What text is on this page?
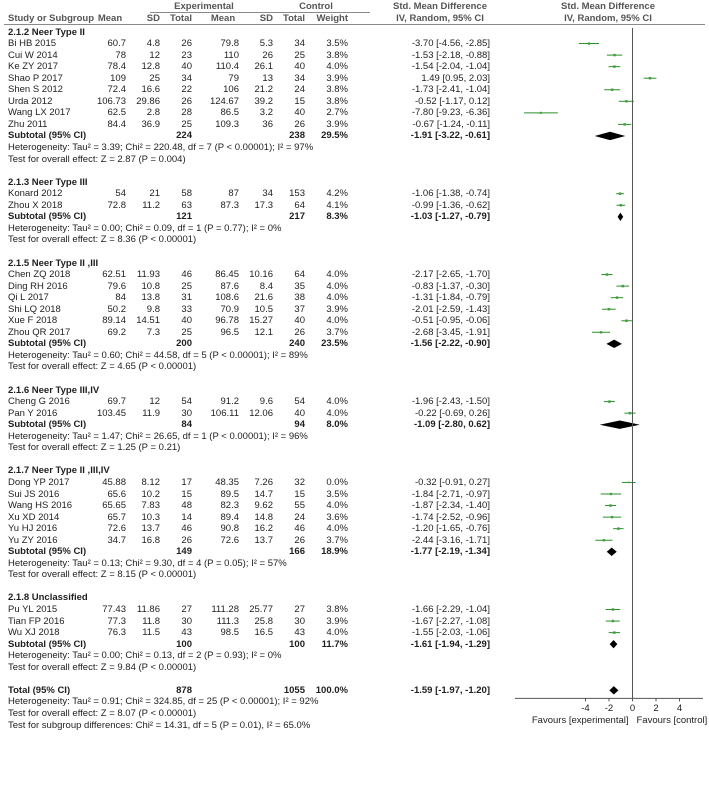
Experimental	Control	Std. Mean Difference	Std. Mean Difference
Study or Subgroup Mean	SD Total	Mean	SD Total Weight	IV, Random, 95% CI	IV, Random, 95% CI
2.1.2 Neer Type II
Bi HB 2015	60.7 4.8 26	79.8 5.3 34 3.5%	-3.70 [-4.56, -2.85]
Cui W 2014	78 12 23	110 26 25 3.8%	-1.53 [-2.18, -0.88]
Ke ZY 2017	78.4 12.8 40	110.4 26.1 40 4.0%	-1.54 [-2.04, -1.04]
Shao P 2017	109 25 34	79 13 34 3.9%	1.49 [0.95, 2.03]
Shen S 2012	72.4 16.6 22	106 21.2 24 3.8%	-1.73 [-2.41, -1.04]
Urda 2012	106.73 29.86 26 124.67 39.2 15 3.8%	-0.52 [-1.17, 0.12]
Wang LX 2017	62.5 2.8 28	86.5 3.2 40 2.7%	-7.80 [-9.23, -6.36]
Zhu 2011	84.4 36.9 25 109.3 36 26 3.9%	-0.67 [-1.24, -0.11]
Subtotal (95% CI)	224	238 29.5%	-1.91 [-3.22, -0.61]
Heterogeneity: Tau² = 3.39; Chi² = 220.48, df = 7 (P < 0.00001); I² = 97%
Test for overall effect: Z = 2.87 (P = 0.004)
2.1.3 Neer Type III
Konard 2012	54 21 58	87 34 153 4.2%	-1.06 [-1.38, -0.74]
Zhou X 2018	72.8 11.2 63	87.3 17.3 64 4.1%	-0.99 [-1.36, -0.62]
Subtotal (95% CI)	121	217 8.3%	-1.03 [-1.27, -0.79]
Heterogeneity: Tau² = 0.00; Chi² = 0.09, df = 1 (P = 0.77); I² = 0%
Test for overall effect: Z = 8.36 (P < 0.00001)
2.1.5 Neer Type II ,III
Chen ZQ 2018	62.51 11.93 46 86.45 10.16 64 4.0%	-2.17 [-2.65, -1.70]
Ding RH 2016	79.6 10.8 25	87.6 8.4 35 4.0%	-0.83 [-1.37, -0.30]
Qi L 2017	84 13.8 31 108.6 21.6 38 4.0%	-1.31 [-1.84, -0.79]
Shi LQ 2018	50.2 9.8 33	70.9 10.5 37 3.9%	-2.01 [-2.59, -1.43]
Xue F 2018	89.14 14.51 40 96.78 15.27 40 4.0%	-0.51 [-0.95, -0.06]
Zhou QR 2017	69.2 7.3 25	96.5 12.1 26 3.7%	-2.68 [-3.45, -1.91]
Subtotal (95% CI)	200	240 23.5%	-1.56 [-2.22, -0.90]
Heterogeneity: Tau² = 0.60; Chi² = 44.58, df = 5 (P < 0.00001); I² = 89%
Test for overall effect: Z = 4.65 (P < 0.00001)
2.1.6 Neer Type III,IV
Cheng G 2016	69.7 12 54	91.2 9.6 54 4.0%	-1.96 [-2.43, -1.50]
Pan Y 2016	103.45 11.9 30 106.11 12.06 40 4.0%	-0.22 [-0.69, 0.26]
Subtotal (95% CI)	84	94 8.0%	-1.09 [-2.80, 0.62]
Heterogeneity: Tau² = 1.47; Chi² = 26.65, df = 1 (P < 0.00001); I² = 96%
Test for overall effect: Z = 1.25 (P = 0.21)
2.1.7 Neer Type II ,III,IV
Dong YP 2017	45.88 8.12 17 48.35 7.26 32 0.0%	-0.32 [-0.91, 0.27]
Sui JS 2016	65.6 10.2 15	89.5 14.7 15 3.5%	-1.84 [-2.71, -0.97]
Wang HS 2016	65.65 7.83 48	82.3 9.62 55 4.0%	-1.87 [-2.34, -1.40]
Xu XD 2014	65.7 10.3 14	89.4 14.8 24 3.6%	-1.74 [-2.52, -0.96]
Yu HJ 2016	72.6 13.7 46	90.8 16.2 46 4.0%	-1.20 [-1.65, -0.76]
Yu ZY 2016	34.7 16.8 26	72.6 13.7 26 3.7%	-2.44 [-3.16, -1.71]
Subtotal (95% CI)	149	166 18.9%	-1.77 [-2.19, -1.34]
Heterogeneity: Tau² = 0.13; Chi² = 9.30, df = 4 (P = 0.05); I² = 57%
Test for overall effect: Z = 8.15 (P < 0.00001)
2.1.8 Unclassified
Pu YL 2015	77.43 11.86 27 111.28 25.77 27 3.8%	-1.66 [-2.29, -1.04]
Tian FP 2016	77.3 11.8 30	111.3 25.8 30 3.9%	-1.67 [-2.27, -1.08]
Wu XJ 2018	76.3 11.5 43	98.5 16.5 43 4.0%	-1.55 [-2.03, -1.06]
Subtotal (95% CI)	100	100 11.7%	-1.61 [-1.94, -1.29]
Heterogeneity: Tau² = 0.00; Chi² = 0.13, df = 2 (P = 0.93); I² = 0%
Test for overall effect: Z = 9.84 (P < 0.00001)
Total (95% CI)	878	1055 100.0%	-1.59 [-1.97, -1.20]
Heterogeneity: Tau² = 0.91; Chi² = 324.85, df = 25 (P < 0.00001); I² = 92%
Test for overall effect: Z = 8.07 (P < 0.00001)
Test for subgroup differences: Chi² = 14.31, df = 5 (P = 0.01), I² = 65.0%
-4	-2	0	2	4
Favours [experimental] Favours [control]
